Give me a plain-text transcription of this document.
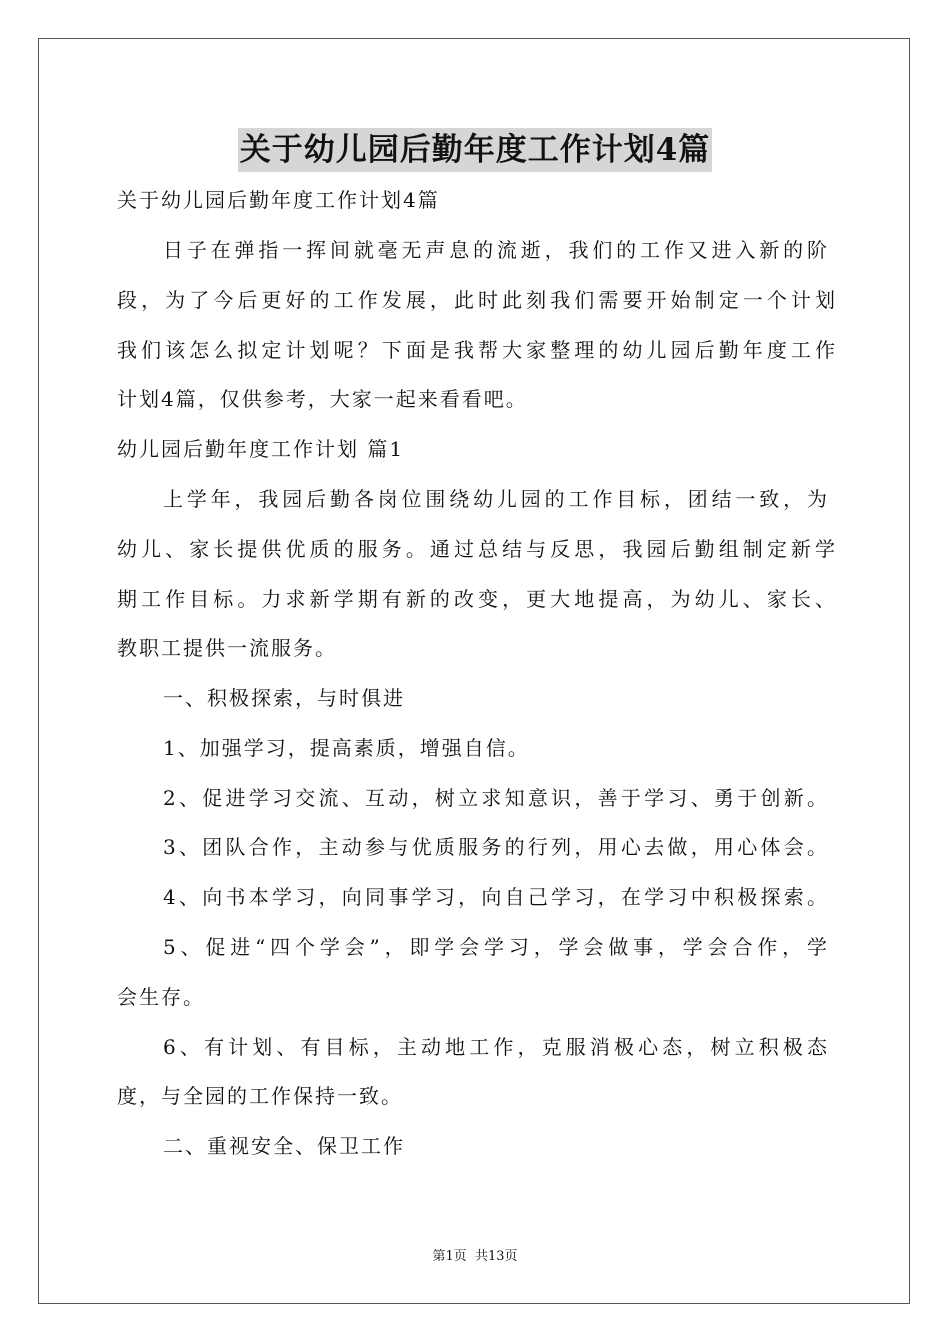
关于幼儿园后勤年度工作计划4篇
关于幼儿园后勤年度工作计划4篇
日子在弹指一挥间就毫无声息的流逝，我们的工作又进入新的阶
段，为了今后更好的工作发展，此时此刻我们需要开始制定一个计划
我们该怎么拟定计划呢？下面是我帮大家整理的幼儿园后勤年度工作
计划4篇，仅供参考，大家一起来看看吧。
幼儿园后勤年度工作计划 篇1
上学年，我园后勤各岗位围绕幼儿园的工作目标，团结一致，为
幼儿、家长提供优质的服务。通过总结与反思，我园后勤组制定新学
期工作目标。力求新学期有新的改变，更大地提高，为幼儿、家长、
教职工提供一流服务。
一、积极探索，与时俱进
1、加强学习，提高素质，增强自信。
2、促进学习交流、互动，树立求知意识，善于学习、勇于创新。
3、团队合作，主动参与优质服务的行列，用心去做，用心体会。
4、向书本学习，向同事学习，向自己学习，在学习中积极探索。
5、促进“四个学会”，即学会学习，学会做事，学会合作，学
会生存。
6、有计划、有目标，主动地工作，克服消极心态，树立积极态
度，与全园的工作保持一致。
二、重视安全、保卫工作
第1页 共13页
